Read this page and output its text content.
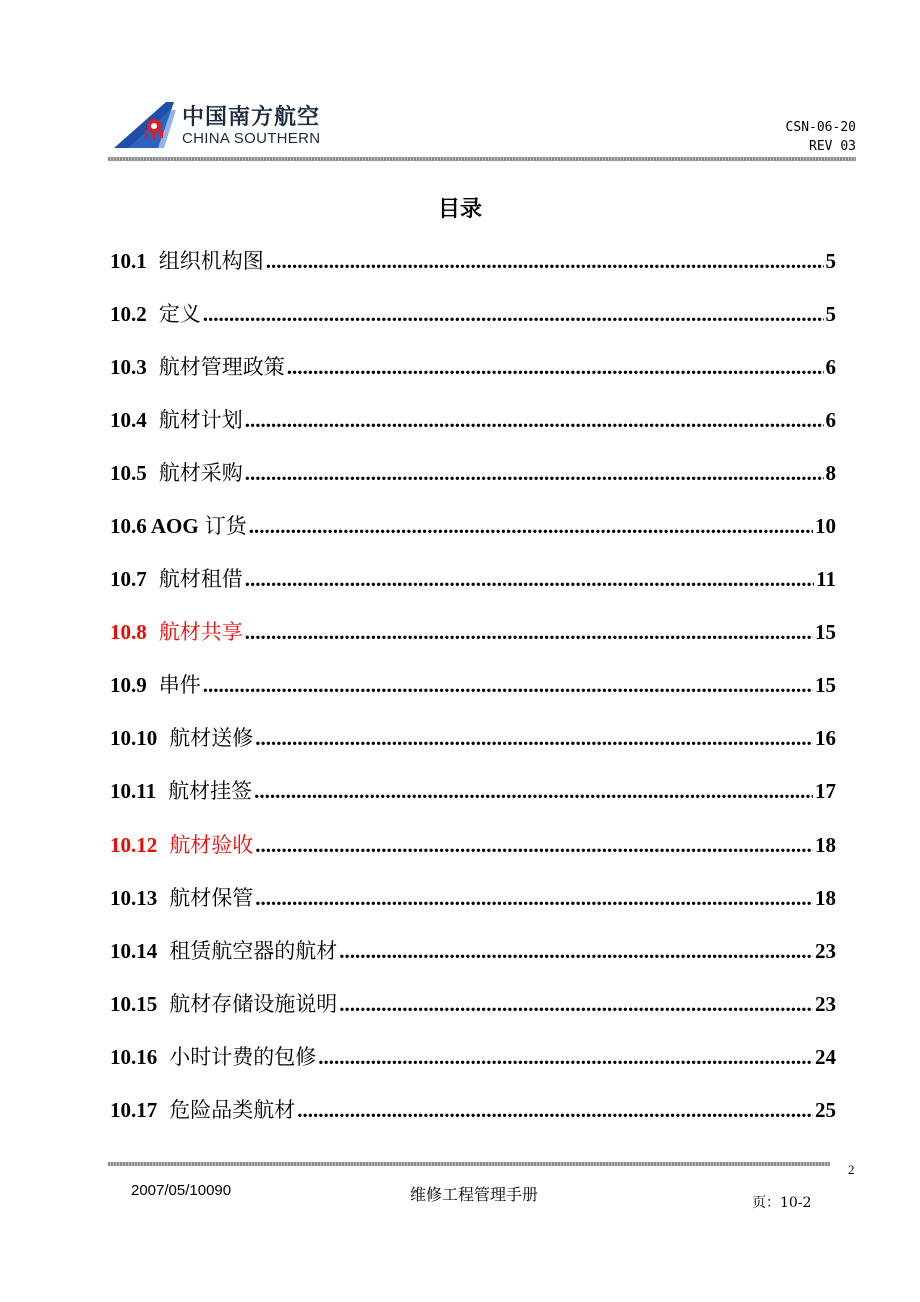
中国南方航空
CHINA SOUTHERN
CSN-06-20
REV 03
目录
10.1 组织机构图 .....	5
10.2 定义 .....	5
10.3 航材管理政策 .....	6
10.4 航材计划 .....	6
10.5 航材采购 .....	8
10.6 AOG 订货 .....	10
10.7 航材租借 .....	11
10.8 航材共享 .....	15
10.9 串件 .....	15
10.10 航材送修 .....	16
10.11 航材挂签 .....	17
10.12 航材验收 .....	18
10.13 航材保管 .....	18
10.14 租赁航空器的航材 .....	23
10.15 航材存储设施说明 .....	23
10.16 小时计费的包修 .....	24
10.17 危险品类航材 .....	25
2
2007/05/10090	维修工程管理手册	页：10-2
